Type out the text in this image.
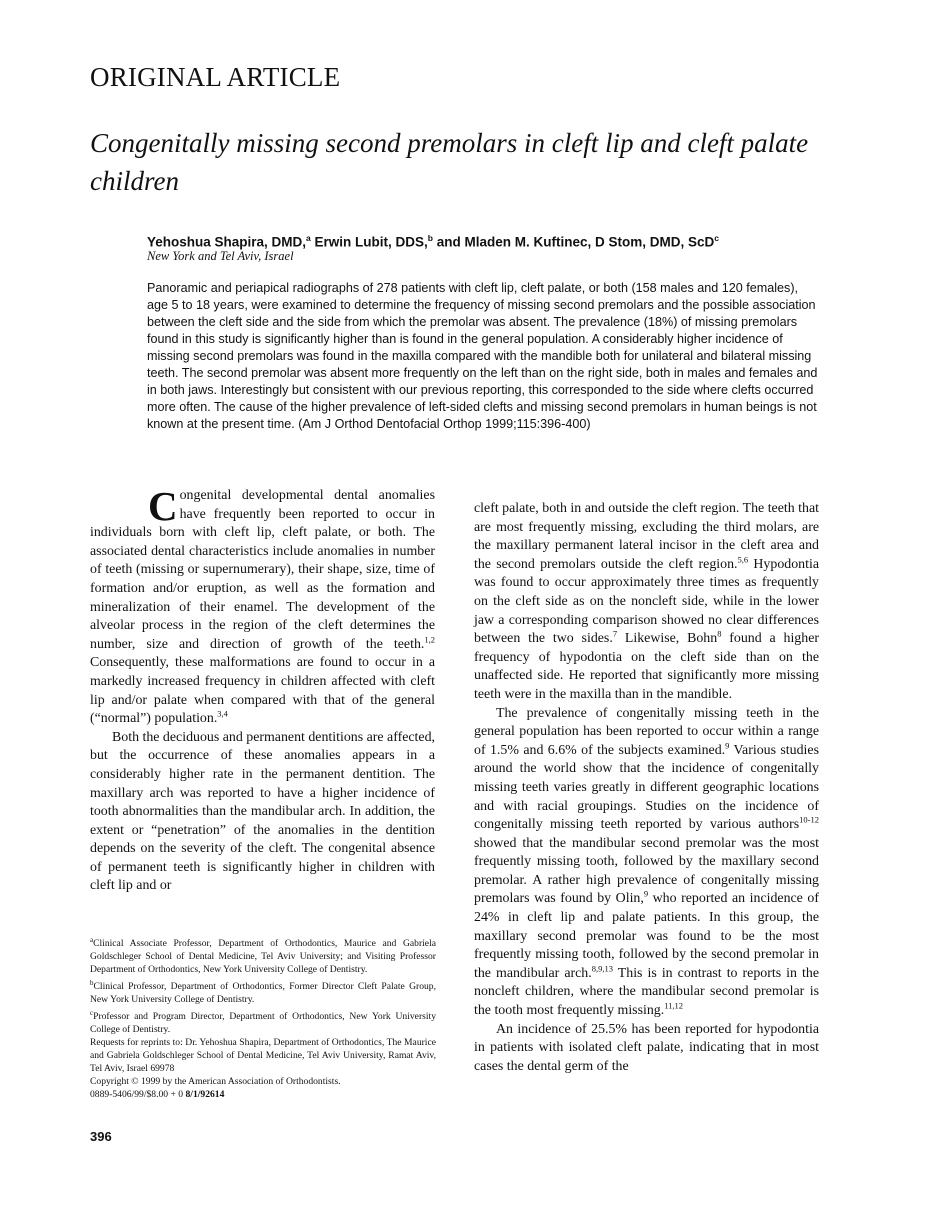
ORIGINAL ARTICLE
Congenitally missing second premolars in cleft lip and cleft palate children
Yehoshua Shapira, DMD,$^a$ Erwin Lubit, DDS,$^b$ and Mladen M. Kuftinec, D Stom, DMD, ScD$^c$
New York and Tel Aviv, Israel

Panoramic and periapical radiographs of 278 patients with cleft lip, cleft palate, or both (158 males and 120 females), age 5 to 18 years, were examined to determine the frequency of missing second premolars and the possible association between the cleft side and the side from which the premolar was absent. The prevalence (18%) of missing premolars found in this study is significantly higher than is found in the general population. A considerably higher incidence of missing second premolars was found in the maxilla compared with the mandible both for unilateral and bilateral missing teeth. The second premolar was absent more frequently on the left than on the right side, both in males and females and in both jaws. Interestingly but consistent with our previous reporting, this corresponded to the side where clefts occurred more often. The cause of the higher prevalence of left-sided clefts and missing second premolars in human beings is not known at the present time. (Am J Orthod Dentofacial Orthop 1999;115:396-400)

Congenital developmental dental anomalies have frequently been reported to occur in individuals born with cleft lip, cleft palate, or both. The associated dental characteristics include anomalies in number of teeth (missing or supernumerary), their shape, size, time of formation and/or eruption, as well as the formation and mineralization of their enamel. The development of the alveolar process in the region of the cleft determines the number, size and direction of growth of the teeth.$^{1,2}$ Consequently, these malformations are found to occur in a markedly increased frequency in children affected with cleft lip and/or palate when compared with that of the general (“normal”) population.$^{3,4}$

Both the deciduous and permanent dentitions are affected, but the occurrence of these anomalies appears in a considerably higher rate in the permanent dentition. The maxillary arch was reported to have a higher incidence of tooth abnormalities than the mandibular arch. In addition, the extent or “penetration” of the anomalies in the dentition depends on the severity of the cleft. The congenital absence of permanent teeth is significantly higher in children with cleft lip and or

cleft palate, both in and outside the cleft region. The teeth that are most frequently missing, excluding the third molars, are the maxillary permanent lateral incisor in the cleft area and the second premolars outside the cleft region.$^{5,6}$ Hypodontia was found to occur approximately three times as frequently on the cleft side as on the noncleft side, while in the lower jaw a corresponding comparison showed no clear differences between the two sides.$^7$ Likewise, Bohn$^8$ found a higher frequency of hypodontia on the cleft side than on the unaffected side. He reported that significantly more missing teeth were in the maxilla than in the mandible.

The prevalence of congenitally missing teeth in the general population has been reported to occur within a range of 1.5% and 6.6% of the subjects examined.$^9$ Various studies around the world show that the incidence of congenitally missing teeth varies greatly in different geographic locations and with racial groupings. Studies on the incidence of congenitally missing teeth reported by various authors$^{10-12}$ showed that the mandibular second premolar was the most frequently missing tooth, followed by the maxillary second premolar. A rather high prevalence of congenitally missing premolars was found by Olin,$^9$ who reported an incidence of 24% in cleft lip and palate patients. In this group, the maxillary second premolar was found to be the most frequently missing tooth, followed by the second premolar in the mandibular arch.$^{8,9,13}$ This is in contrast to reports in the noncleft children, where the mandibular second premolar is the tooth most frequently missing.$^{11,12}$

An incidence of 25.5% has been reported for hypodontia in patients with isolated cleft palate, indicating that in most cases the dental germ of the

$^a$Clinical Associate Professor, Department of Orthodontics, Maurice and Gabriela Goldschleger School of Dental Medicine, Tel Aviv University; and Visiting Professor Department of Orthodontics, New York University College of Dentistry.
$^b$Clinical Professor, Department of Orthodontics, Former Director Cleft Palate Group, New York University College of Dentistry.
$^c$Professor and Program Director, Department of Orthodontics, New York University College of Dentistry.
Requests for reprints to: Dr. Yehoshua Shapira, Department of Orthodontics, The Maurice and Gabriela Goldschleger School of Dental Medicine, Tel Aviv University, Ramat Aviv, Tel Aviv, Israel 69978
Copyright © 1999 by the American Association of Orthodontists.
0889-5406/99/$8.00 + 0 8/1/92614
396
